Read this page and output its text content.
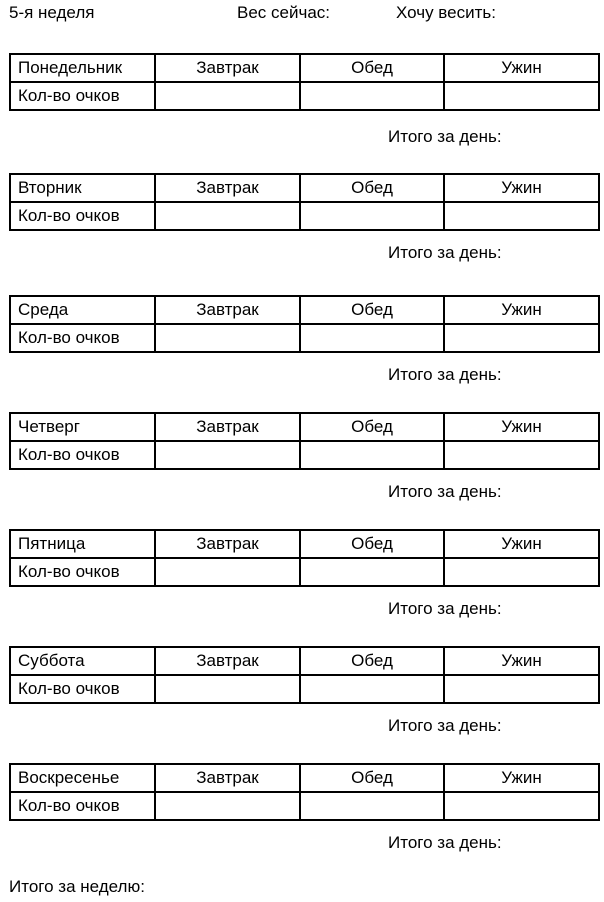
5-я неделя	Вес сейчас:	Хочу весить:
Понедельник	Завтрак	Обед	Ужин
Кол-во очков			
Итого за день:
Вторник	Завтрак	Обед	Ужин
Кол-во очков			
Итого за день:
Среда	Завтрак	Обед	Ужин
Кол-во очков			
Итого за день:
Четверг	Завтрак	Обед	Ужин
Кол-во очков			
Итого за день:
Пятница	Завтрак	Обед	Ужин
Кол-во очков			
Итого за день:
Суббота	Завтрак	Обед	Ужин
Кол-во очков			
Итого за день:
Воскресенье	Завтрак	Обед	Ужин
Кол-во очков			
Итого за день:
Итого за неделю:
